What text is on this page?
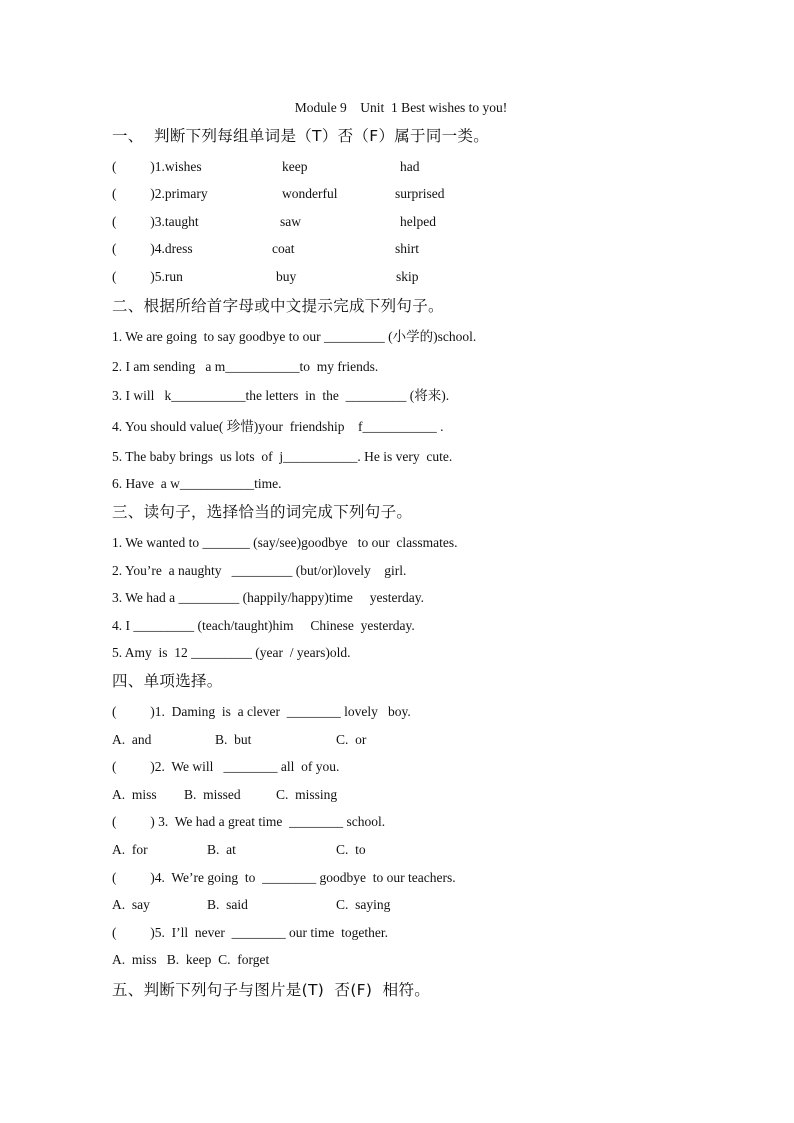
Module 9    Unit  1 Best wishes to you!
一、  判断下列每组单词是（T）否（F）属于同一类。
(          )1.wishes	keep	had
(          )2.primary	wonderful	surprised
(          )3.taught	saw	helped
(          )4.dress	coat	shirt
(          )5.run	buy	skip
二、根据所给首字母或中文提示完成下列句子。
1. We are going  to say goodbye to our _________ (小学的)school.
2. I am sending   a m___________to  my friends.
3. I will   k___________the letters  in  the  _________ (将来).
4. You should value( 珍惜)your  friendship    f___________ .
5. The baby brings  us lots  of  j___________. He is very  cute.
6. Have  a w___________time.
三、读句子，选择恰当的词完成下列句子。
1. We wanted to _______ (say/see)goodbye   to our  classmates.
2. You’re  a naughty   _________ (but/or)lovely    girl.
3. We had a _________ (happily/happy)time     yesterday.
4. I _________ (teach/taught)him     Chinese  yesterday.
5. Amy  is  12 _________ (year  / years)old.
四、单项选择。
(          )1.  Daming  is  a clever  ________ lovely   boy.
A.  and	B.  but	C.  or
(          )2.  We will   ________ all  of you.
A.  miss B.  missed	C.  missing
(          ) 3.  We had a great time  ________ school.
A.  for	B.  at	C.  to
(          )4.  We’re going  to  ________ goodbye  to our teachers.
A.  say	B.  said	C.  saying
(          )5.  I’ll  never  ________ our time  together.
A.  miss   B.  keep  C.  forget
五、判断下列句子与图片是(T)  否(F)  相符。
